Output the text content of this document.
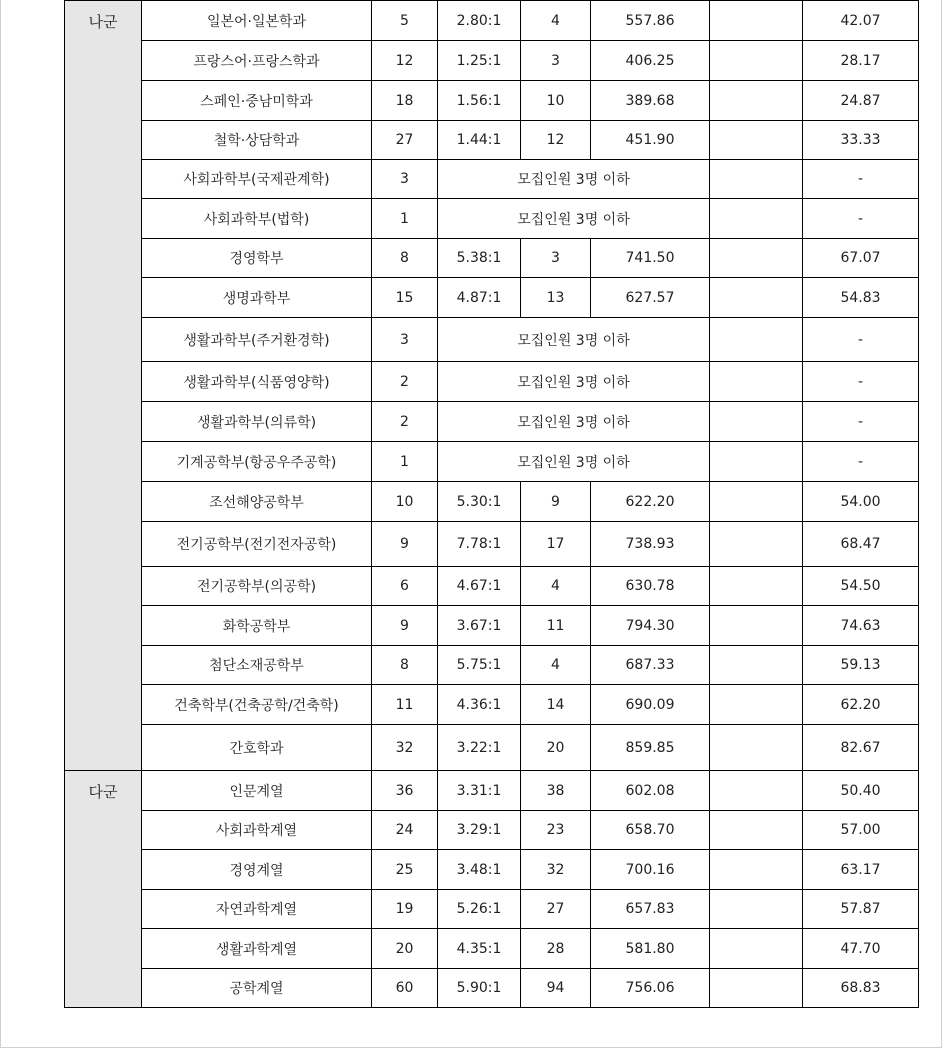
나군	일본어·일본학과	5	2.80:1	4	557.86			42.07
	프랑스어·프랑스학과	12	1.25:1	3	406.25			28.17
	스페인·중남미학과	18	1.56:1	10	389.68			24.87
	철학·상담학과	27	1.44:1	12	451.90			33.33
	사회과학부(국제관계학)	3	모집인원 3명 이하				-
	사회과학부(법학)	1	모집인원 3명 이하				-
	경영학부	8	5.38:1	3	741.50			67.07
	생명과학부	15	4.87:1	13	627.57			54.83
	생활과학부(주거환경학)	3	모집인원 3명 이하				-
	생활과학부(식품영양학)	2	모집인원 3명 이하				-
	생활과학부(의류학)	2	모집인원 3명 이하				-
	기계공학부(항공우주공학)	1	모집인원 3명 이하				-
	조선해양공학부	10	5.30:1	9	622.20			54.00
	전기공학부(전기전자공학)	9	7.78:1	17	738.93			68.47
	전기공학부(의공학)	6	4.67:1	4	630.78			54.50
	화학공학부	9	3.67:1	11	794.30			74.63
	첨단소재공학부	8	5.75:1	4	687.33			59.13
	건축학부(건축공학/건축학)	11	4.36:1	14	690.09			62.20
	간호학과	32	3.22:1	20	859.85			82.67
다군	인문계열	36	3.31:1	38	602.08			50.40
	사회과학계열	24	3.29:1	23	658.70			57.00
	경영계열	25	3.48:1	32	700.16			63.17
	자연과학계열	19	5.26:1	27	657.83			57.87
	생활과학계열	20	4.35:1	28	581.80			47.70
	공학계열	60	5.90:1	94	756.06			68.83
